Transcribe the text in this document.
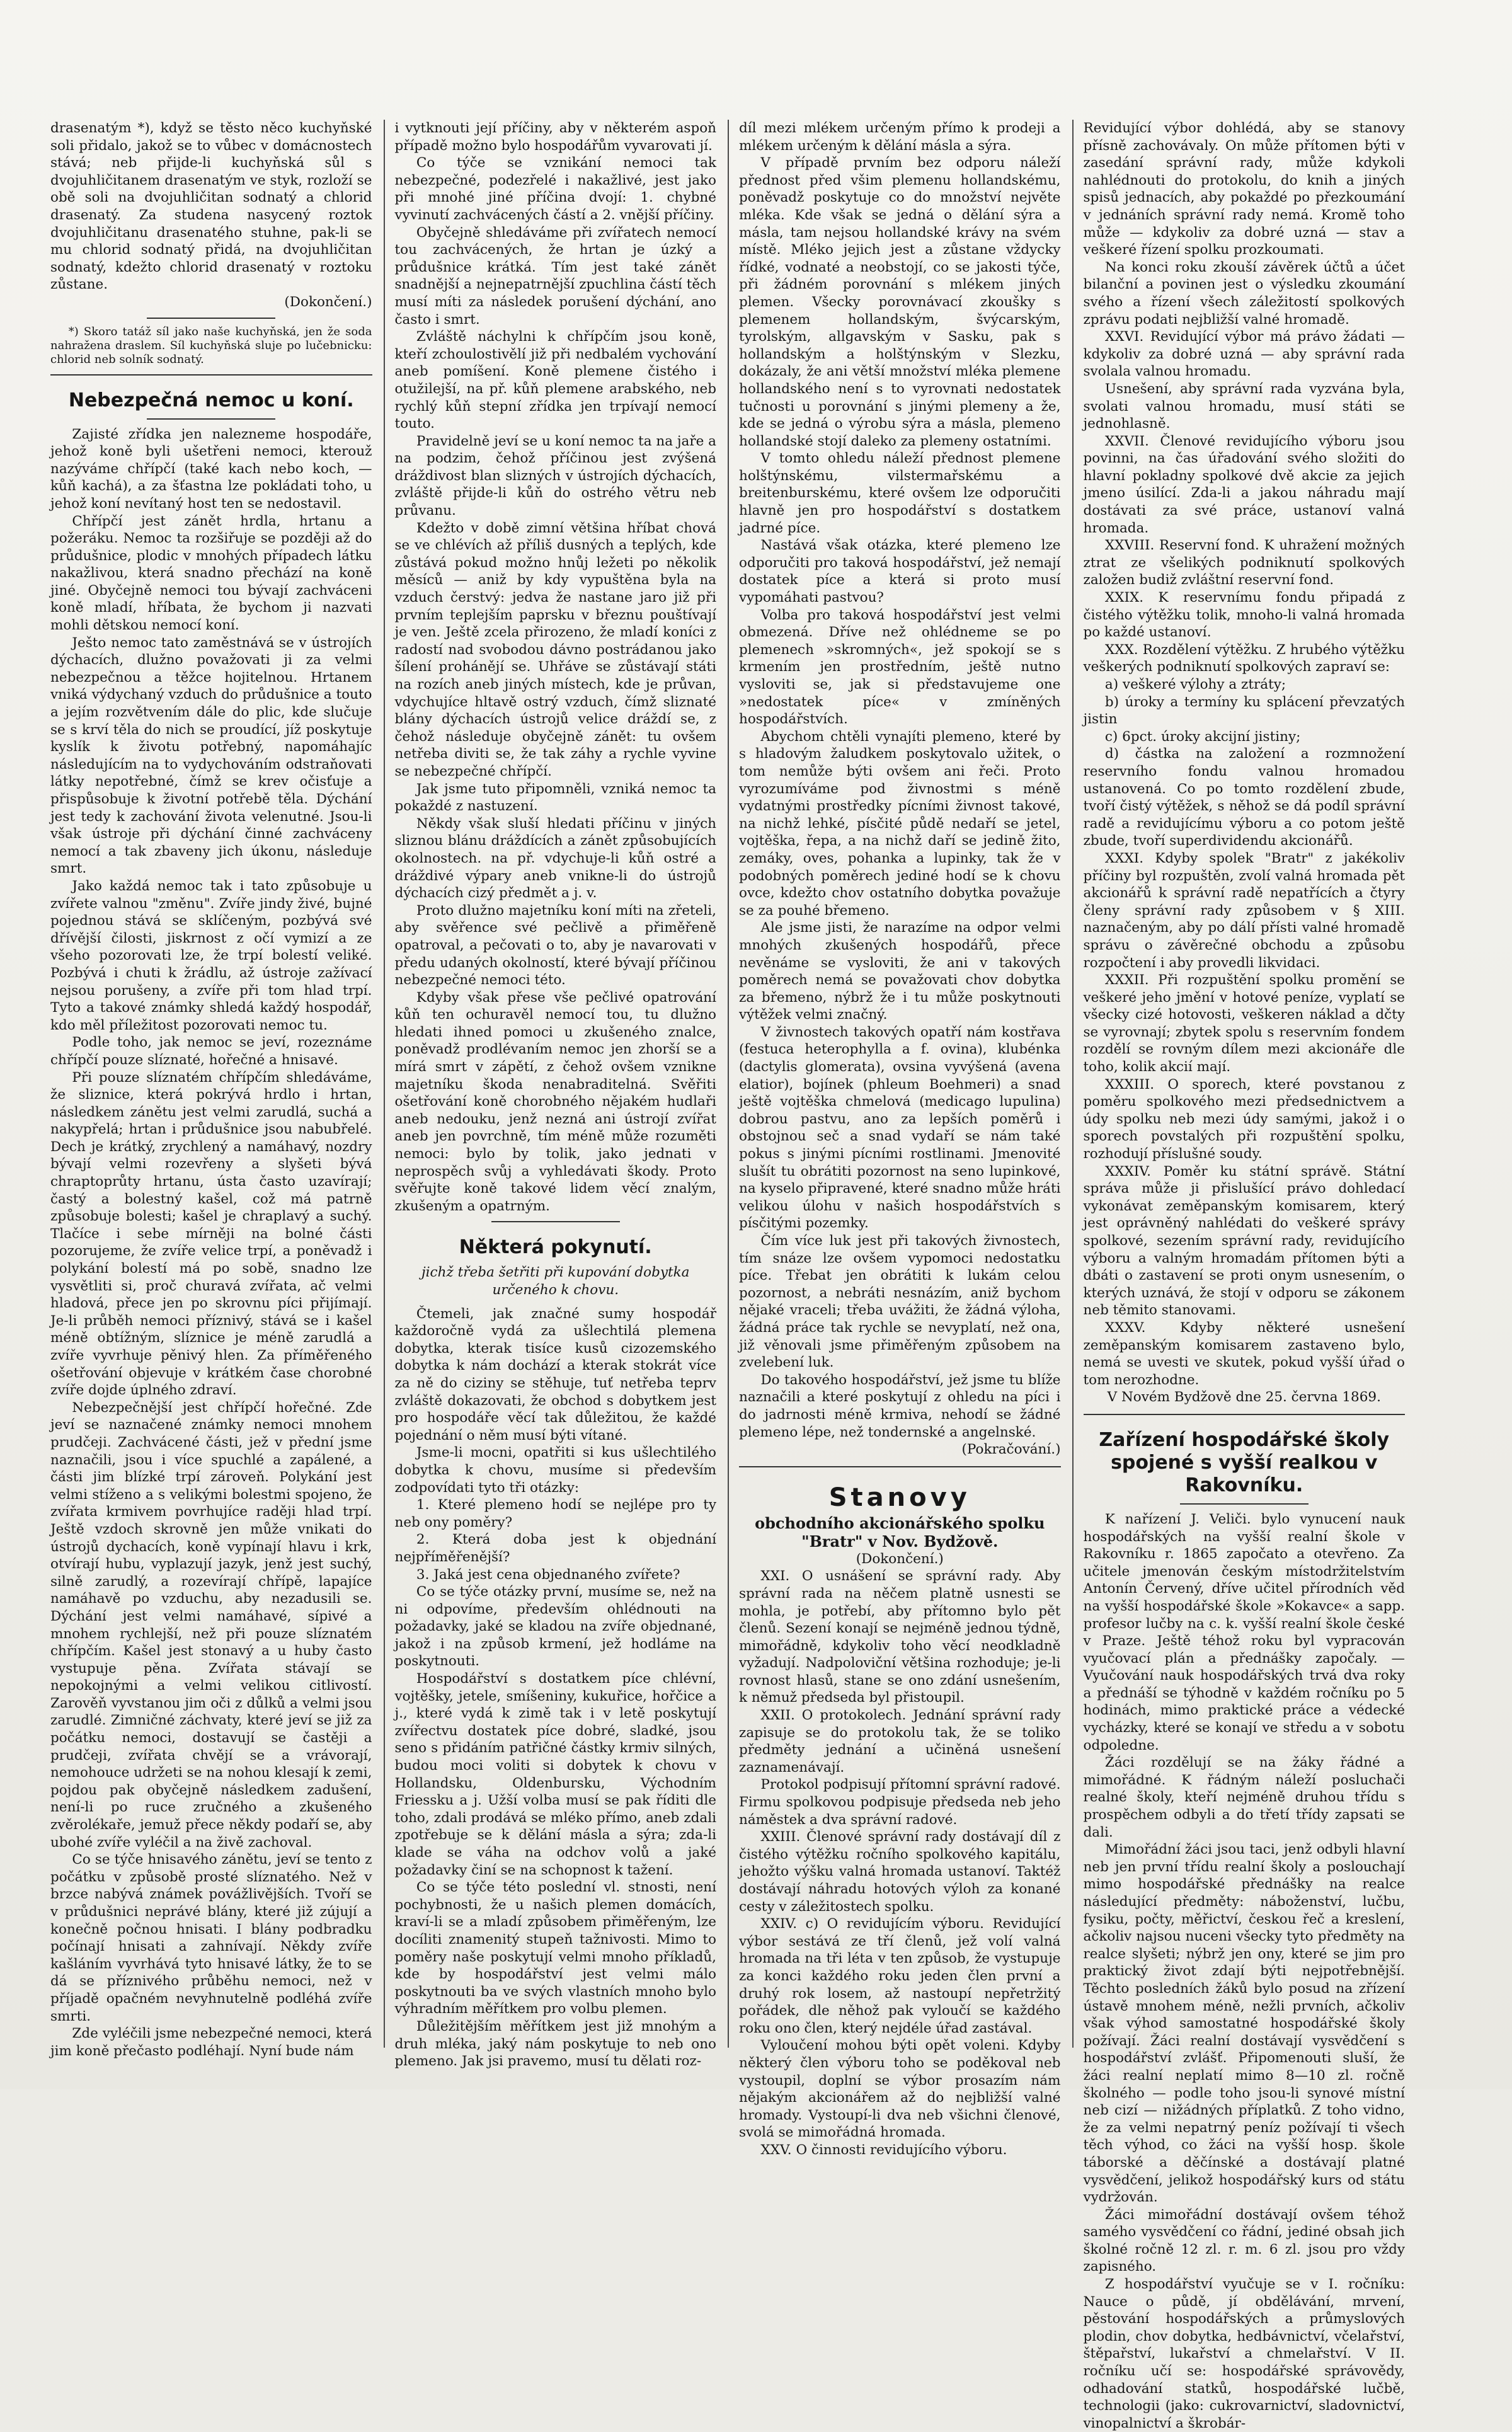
drasenatým *), když se těsto něco kuchyňské soli přidalo, jakož se to vůbec v domácnostech stává; neb přijde-li kuchyňská sůl s dvojuhličitanem drasenatým ve styk, rozloží se obě soli na dvojuhličitan sodnatý a chlorid drasenatý. Za studena nasycený roztok dvojuhličitanu drasenatého stuhne, pak-li se mu chlorid sodnatý přidá, na dvojuhličitan sodnatý, kdežto chlorid drasenatý v roztoku zůstane.

(Dokončení.)

*) Skoro tatáž síl jako naše kuchyňská, jen že soda nahražena draslem. Síl kuchyňská sluje po lučebnicku: chlorid neb solník sodnatý.

Nebezpečná nemoc u koní.

Zajisté zřídka jen nalezneme hospodáře, jehož koně byli ušetřeni nemoci, kterouž nazýváme chřípčí (také kach nebo koch, — kůň kachá), a za šťastna lze pokládati toho, u jehož koní nevítaný host ten se nedostavil.

Chřípčí jest zánět hrdla, hrtanu a požeráku. Nemoc ta rozšiřuje se později až do průdušnice, plodic v mnohých případech látku nakažlivou, která snadno přechází na koně jiné. Obyčejně nemoci tou bývají zachváceni koně mladí, hříbata, že bychom ji nazvati mohli dětskou nemocí koní.

Ješto nemoc tato zaměstnává se v ústrojích dýchacích, dlužno považovati ji za velmi nebezpečnou a těžce hojitelnou. Hrtanem vniká výdychaný vzduch do průdušnice a touto a jejím rozvětvením dále do plic, kde slučuje se s krví těla do nich se proudící, jíž poskytuje kyslík k životu potřebný, napomáhajíc následujícím na to vydychováním odstraňovati látky nepotřebné, čímž se krev očisťuje a přispůsobuje k životní potřebě těla. Dýchání jest tedy k zachování života velenutné. Jsou-li však ústroje při dýchání činné zachváceny nemocí a tak zbaveny jich úkonu, následuje smrt.

Jako každá nemoc tak i tato způsobuje u zvířete valnou "změnu". Zvíře jindy živé, bujné pojednou stává se sklíčeným, pozbývá své dřívější čilosti, jiskrnost z očí vymizí a ze všeho pozorovati lze, že trpí bolestí veliké. Pozbývá i chuti k žrádlu, až ústroje zažívací nejsou porušeny, a zvíře při tom hlad trpí. Tyto a takové známky shledá každý hospodář, kdo měl příležitost pozorovati nemoc tu.

Podle toho, jak nemoc se jeví, rozeznáme chřípčí pouze slíznaté, hořečné a hnisavé.

Při pouze slíznatém chřípčím shledáváme, že sliznice, která pokrývá hrdlo i hrtan, následkem zánětu jest velmi zarudlá, suchá a nakypřelá; hrtan i průdušnice jsou nabubřelé. Dech je krátký, zrychlený a namáhavý, nozdry bývají velmi rozevřeny a slyšeti bývá chraptoprůty hrtanu, ústa často uzavírají; častý a bolestný kašel, což má patrně způsobuje bolesti; kašel je chraplavý a suchý. Tlačíce i sebe mírněji na bolné části pozorujeme, že zvíře velice trpí, a poněvadž i polykání bolestí má po sobě, snadno lze vysvětliti si, proč churavá zvířata, ač velmi hladová, přece jen po skrovnu píci přijímají. Je-li průběh nemoci příznivý, stává se i kašel méně obtížným, slíznice je méně zarudlá a zvíře vyvrhuje pěnivý hlen. Za příměřeného ošetřování objevuje v krátkém čase chorobné zvíře dojde úplného zdraví.

Nebezpečnější jest chřípčí hořečné. Zde jeví se naznačené známky nemoci mnohem prudčeji. Zachvácené části, jež v přední jsme naznačili, jsou i více spuchlé a zapálené, a části jim blízké trpí zároveň. Polykání jest velmi stíženo a s velikými bolestmi spojeno, že zvířata krmivem povrhujíce raději hlad trpí. Ještě vzdoch skrovně jen může vnikati do ústrojů dychacích, koně vypínají hlavu i krk, otvírají hubu, vyplazují jazyk, jenž jest suchý, silně zarudlý, a rozevírají chřípě, lapajíce namáhavě po vzduchu, aby nezadusili se. Dýchání jest velmi namáhavé, sípivé a mnohem rychlejší, než při pouze slíznatém chřípčím. Kašel jest stonavý a u huby často vystupuje pěna. Zvířata stávají se nepokojnými a velmi velikou citlivostí. Zarověň vyvstanou jim oči z důlků a velmi jsou zarudlé. Zimničné záchvaty, které jeví se již za počátku nemoci, dostavují se častěji a prudčeji, zvířata chvějí se a vrávorají, nemohouce udržeti se na nohou klesají k zemi, pojdou pak obyčejně následkem zadušení, není-li po ruce zručného a zkušeného zvěrolékaře, jemuž přece někdy podaří se, aby ubohé zvíře vyléčil a na živě zachoval.

Co se týče hnisavého zánětu, jeví se tento z počátku v způsobě prosté slíznatého. Než v brzce nabývá známek povážlivějších. Tvoří se v průdušnici neprávé blány, které již zújují a konečně počnou hnisati. I blány podbradku počínají hnisati a zahnívají. Někdy zvíře kašláním vyvrhává tyto hnisavé látky, že to se dá se příznivého průběhu nemoci, než v příjadě opačném nevyhnutelně podléhá zvíře smrti.

Zde vyléčili jsme nebezpečné nemoci, která jim koně přečasto podléhají. Nyní bude nám

i vytknouti její příčiny, aby v některém aspoň případě možno bylo hospodářům vyvarovati jí.

Co týče se vznikání nemoci tak nebezpečné, podezřelé i nakažlivé, jest jako při mnohé jiné příčina dvojí: 1. chybné vyvinutí zachvácených částí a 2. vnější příčiny.

Obyčejně shledáváme při zvířatech nemocí tou zachvácených, že hrtan je úzký a průdušnice krátká. Tím jest také zánět snadnější a nejnepatrnější zpuchlina částí těch musí míti za následek porušení dýchání, ano často i smrt.

Zvláště náchylni k chřípčím jsou koně, kteří zchoulostivělí již při nedbalém vychování aneb pomíšení. Koně plemene čistého i otužilejší, na př. kůň plemene arabského, neb rychlý kůň stepní zřídka jen trpívají nemocí touto.

Pravidelně jeví se u koní nemoc ta na jaře a na podzim, čehož příčinou jest zvýšená dráždivost blan slizných v ústrojích dýchacích, zvláště přijde-li kůň do ostrého větru neb průvanu.

Kdežto v době zimní většina hříbat chová se ve chlévích až příliš dusných a teplých, kde zůstává pokud možno hnůj ležeti po několik měsíců — aniž by kdy vypuštěna byla na vzduch čerstvý: jedva že nastane jaro již při prvním teplejším paprsku v březnu pouštívají je ven. Ještě zcela přirozeno, že mladí koníci z radostí nad svobodou dávno postrádanou jako šílení prohánějí se. Uhřáve se zůstávají státi na rozích aneb jiných místech, kde je průvan, vdychujíce hltavě ostrý vzduch, čímž sliznaté blány dýchacích ústrojů velice dráždí se, z čehož následuje obyčejně zánět: tu ovšem netřeba diviti se, že tak záhy a rychle vyvine se nebezpečné chřípčí.

Jak jsme tuto připomněli, vzniká nemoc ta pokaždé z nastuzení.

Někdy však sluší hledati příčinu v jiných sliznou blánu dráždících a zánět způsobujících okolnostech. na př. vdychuje-li kůň ostré a dráždivé výpary aneb vnikne-li do ústrojů dýchacích cizý předmět a j. v.

Proto dlužno majetníku koní míti na zřeteli, aby svěřence své pečlivě a přiměřeně opatroval, a pečovati o to, aby je navarovati v předu udaných okolností, které bývají příčinou nebezpečné nemoci této.

Kdyby však přese vše pečlivé opatrování kůň ten ochuravěl nemocí tou, tu dlužno hledati ihned pomoci u zkušeného znalce, poněvadž prodlévaním nemoc jen zhorší se a mírá smrt v zápětí, z čehož ovšem vznikne majetníku škoda nenabraditelná. Svěřiti ošetřování koně chorobného nějakém hudlaři aneb nedouku, jenž nezná ani ústrojí zvířat aneb jen povrchně, tím méně může rozuměti nemoci: bylo by tolik, jako jednati v neprospěch svůj a vyhledávati škody. Proto svěřujte koně takové lidem věcí znalým, zkušeným a opatrným.

Některá pokynutí.

jichž třeba šetřiti při kupování dobytka určeného k chovu.

Čtemeli, jak značné sumy hospodář každoročně vydá za ušlechtilá plemena dobytka, kterak tisíce kusů cizozemského dobytka k nám dochází a kterak stokrát více za ně do ciziny se stěhuje, tuť netřeba teprv zvláště dokazovati, že obchod s dobytkem jest pro hospodáře věcí tak důležitou, že každé pojednání o něm musí býti vítané.

Jsme-li mocni, opatřiti si kus ušlechtilého dobytka k chovu, musíme si především zodpovídati tyto tři otázky:

1. Které plemeno hodí se nejlépe pro ty neb ony poměry?

2. Která doba jest k objednání nejpříměřenější?

3. Jaká jest cena objednaného zvířete?

Co se týče otázky první, musíme se, než na ni odpovíme, především ohlédnouti na požadavky, jaké se kladou na zvíře objednané, jakož i na způsob krmení, jež hodláme na poskytnouti.

Hospodářství s dostatkem píce chlévní, vojtěšky, jetele, smíšeniny, kukuřice, hořčice a j., které vydá k zimě tak i v letě poskytují zvířectvu dostatek píce dobré, sladké, jsou seno s přidáním patřičné částky krmiv silných, budou moci voliti si dobytek k chovu v Hollandsku, Oldenbursku, Východním Friessku a j. Užší volba musí se pak říditi dle toho, zdali prodává se mléko přímo, aneb zdali zpotřebuje se k dělání másla a sýra; zda-li klade se váha na odchov volů a jaké požadavky činí se na schopnost k tažení.

Co se týče této poslední vl. stnosti, není pochybnosti, že u našich plemen domácích, kraví-li se a mladí způsobem přiměřeným, lze docíliti znamenitý stupeň tažnivosti. Mimo to poměry naše poskytují velmi mnoho příkladů, kde by hospodářství jest velmi málo poskytnouti ba ve svých vlastních mnoho bylo výhradním měřítkem pro volbu plemen.

Důležitějším měřítkem jest již mnohým a druh mléka, jaký nám poskytuje to neb ono plemeno. Jak jsi pravemo, musí tu dělati roz-

díl mezi mlékem určeným přímo k prodeji a mlékem určeným k dělání másla a sýra.

V případě prvním bez odporu náleží přednost před všim plemenu hollandskému, poněvadž poskytuje co do množství největe mléka. Kde však se jedná o dělání sýra a másla, tam nejsou hollandské krávy na svém místě. Mléko jejich jest a zůstane vždycky řídké, vodnaté a neobstojí, co se jakosti týče, při žádném porovnání s mlékem jiných plemen. Všecky porovnávací zkoušky s plemenem hollandským, švýcarským, tyrolským, allgavským v Sasku, pak s hollandským a holštýnským v Slezku, dokázaly, že ani větší množství mléka plemene hollandského není s to vyrovnati nedostatek tučnosti u porovnání s jinými plemeny a že, kde se jedná o výrobu sýra a másla, plemeno hollandské stojí daleko za plemeny ostatními.

V tomto ohledu náleží přednost plemene holštýnskému, vilstermařskému a breitenburskému, které ovšem lze odporučiti hlavně jen pro hospodářství s dostatkem jadrné píce.

Nastává však otázka, které plemeno lze odporučiti pro taková hospodářství, jež nemají dostatek píce a která si proto musí vypomáhati pastvou?

Volba pro taková hospodářství jest velmi obmezená. Dříve než ohlédneme se po plemenech »skromných«, jež spokojí se s krmením jen prostředním, ještě nutno vysloviti se, jak si představujeme one »nedostatek píce« v zmíněných hospodářstvích.

Abychom chtěli vynajíti plemeno, které by s hladovým žaludkem poskytovalo užitek, o tom nemůže býti ovšem ani řeči. Proto vyrozumíváme pod živnostmi s méně vydatnými prostředky pícními živnost takové, na nichž lehké, písčité půdě nedaří se jetel, vojtěška, řepa, a na nichž daří se jedině žito, zemáky, oves, pohanka a lupinky, tak že v podobných poměrech jediné hodí se k chovu ovce, kdežto chov ostatního dobytka považuje se za pouhé břemeno.

Ale jsme jisti, že narazíme na odpor velmi mnohých zkušených hospodářů, přece nevěnáme se vysloviti, že ani v takových poměrech nemá se považovati chov dobytka za břemeno, nýbrž že i tu může poskytnouti výtěžek velmi značný.

V živnostech takových opatří nám kostřava (festuca heterophylla a f. ovina), klubénka (dactylis glomerata), ovsina vyvýšená (avena elatior), bojínek (phleum Boehmeri) a snad ještě vojtěška chmelová (medicago lupulina) dobrou pastvu, ano za lepších poměrů i obstojnou seč a snad vydaří se nám také pokus s jinými pícními rostlinami. Jmenovité slušít tu obrátiti pozornost na seno lupinkové, na kyselo připravené, které snadno může hráti velikou úlohu v našich hospodářstvích s písčitými pozemky.

Čím více luk jest při takových živnostech, tím snáze lze ovšem vypomoci nedostatku píce. Třebat jen obrátiti k lukám celou pozornost, a nebráti nesnázím, aniž bychom nějaké vraceli; třeba uvážiti, že žádná výloha, žádná práce tak rychle se nevyplatí, než ona, již věnovali jsme přiměřeným způsobem na zvelebení luk.

Do takového hospodářství, jež jsme tu blíže naznačili a které poskytují z ohledu na píci i do jadrnosti méně krmiva, nehodí se žádné plemeno lépe, než tondernské a angelnské.

(Pokračování.)

Stanovy

obchodního akcionářského spolku "Bratr" v Nov. Bydžově.

(Dokončení.)

XXI. O usnášení se správní rady. Aby správní rada na něčem platně usnesti se mohla, je potřebí, aby přítomno bylo pět členů. Sezení konají se nejméně jednou týdně, mimořádně, kdykoliv toho věcí neodkladně vyžadují. Nadpoloviční většina rozhoduje; je-li rovnost hlasů, stane se ono zdání usnešením, k němuž předseda byl přistoupil.

XXII. O protokolech. Jednání správní rady zapisuje se do protokolu tak, že se toliko předměty jednání a učiněná usnešení zaznamenávají.

Protokol podpisují přítomní správní radové. Firmu spolkovou podpisuje předseda neb jeho náměstek a dva správní radové.

XXIII. Členové správní rady dostávají díl z čistého výtěžku ročního spolkového kapitálu, jehožto výšku valná hromada ustanoví. Taktéž dostávají náhradu hotových výloh za konané cesty v záležitostech spolku.

XXIV. c) O revidujícím výboru. Revidující výbor sestává ze tří členů, jež volí valná hromada na tři léta v ten způsob, že vystupuje za konci každého roku jeden člen první a druhý rok losem, až nastoupí nepřetržitý pořádek, dle něhož pak vyloučí se každého roku ono člen, který nejdéle úřad zastával.

Vyloučení mohou býti opět voleni. Kdyby některý člen výboru toho se poděkoval neb vystoupil, doplní se výbor prosazím nám nějakým akcionářem až do nejbližší valné hromady. Vystoupí-li dva neb všichni členové, svolá se mimořádná hromada.

XXV. O činnosti revidujícího výboru.

Revidující výbor dohlédá, aby se stanovy přísně zachovávaly. On může přítomen býti v zasedání správní rady, může kdykoli nahlédnouti do protokolu, do knih a jiných spisů jednacích, aby pokaždé po přezkoumání v jednáních správní rady nemá. Kromě toho může — kdykoliv za dobré uzná — stav a veškeré řízení spolku prozkoumati.

Na konci roku zkouší závěrek účtů a účet bilanční a povinen jest o výsledku zkoumání svého a řízení všech záležitostí spolkových zprávu podati nejbližší valné hromadě.

XXVI. Revidující výbor má právo žádati — kdykoliv za dobré uzná — aby správní rada svolala valnou hromadu.

Usnešení, aby správní rada vyzvána byla, svolati valnou hromadu, musí státi se jednohlasně.

XXVII. Členové revidujícího výboru jsou povinni, na čas úřadování svého složiti do hlavní pokladny spolkové dvě akcie za jejich jmeno úsilící. Zda-li a jakou náhradu mají dostávati za své práce, ustanoví valná hromada.

XXVIII. Reservní fond. K uhražení možných ztrat ze všelikých podniknutí spolkových založen budiž zvláštní reservní fond.

XXIX. K reservnímu fondu připadá z čistého výtěžku tolik, mnoho-li valná hromada po každé ustanoví.

XXX. Rozdělení výtěžku. Z hrubého výtěžku veškerých podniknutí spolkových zapraví se:

a) veškeré výlohy a ztráty;

b) úroky a termíny ku splácení převzatých jistin

c) 6pct. úroky akcijní jistiny;

d) částka na založení a rozmnožení reservního fondu valnou hromadou ustanovená. Co po tomto rozdělení zbude, tvoří čistý výtěžek, s něhož se dá podíl správní radě a revidujícímu výboru a co potom ještě zbude, tvoří superdividendu akcionářů.

XXXI. Kdyby spolek "Bratr" z jakékoliv příčiny byl rozpuštěn, zvolí valná hromada pět akcionářů k správní radě nepatřících a čtyry členy správní rady způsobem v § XIII. naznačeným, aby po dálí přísti valné hromadě správu o závěrečné obchodu a způsobu rozpočtení i aby provedli likvidaci.

XXXII. Při rozpuštění spolku promění se veškeré jeho jmění v hotové peníze, vyplatí se všecky cizé hotovosti, veškeren náklad a dčty se vyrovnají; zbytek spolu s reservním fondem rozdělí se rovným dílem mezi akcionáře dle toho, kolik akcií mají.

XXXIII. O sporech, které povstanou z poměru spolkového mezi předsednictvem a údy spolku neb mezi údy samými, jakož i o sporech povstalých při rozpuštění spolku, rozhodují příslušné soudy.

XXXIV. Poměr ku státní správě. Státní správa může ji přislušící právo dohledací vykonávat zeměpanským komisarem, který jest oprávněný nahlédati do veškeré správy spolkové, sezením správní rady, revidujícího výboru a valným hromadám přítomen býti a dbáti o zastavení se proti onym usnesením, o kterých uznává, že stojí v odporu se zákonem neb těmito stanovami.

XXXV. Kdyby některé usnešení zeměpanským komisarem zastaveno bylo, nemá se uvesti ve skutek, pokud vyšší úřad o tom nerozhodne.

V Novém Bydžově dne 25. června 1869.

Zařízení hospodářské školy spojené s vyšší realkou v Rakovníku.

K nařízení J. Veliči. bylo vynucení nauk hospodářských na vyšší realní škole v Rakovníku r. 1865 započato a otevřeno. Za učitele jmenován českým místodržitelstvím Antonín Červený, dříve učitel přírodních věd na vyšší hospodářské škole »Kokavce« a sapp. profesor lučby na c. k. vyšší realní škole české v Praze. Ještě téhož roku byl vypracován vyučovací plán a přednášky započaly. — Vyučování nauk hospodářských trvá dva roky a přednáší se týhodně v každém ročníku po 5 hodinách, mimo praktické práce a védecké vycházky, které se konají ve středu a v sobotu odpoledne.

Žáci rozdělují se na žáky řádné a mimořádné. K řádným náleží posluchači realné školy, kteří nejméně druhou třídu s prospěchem odbyli a do třetí třídy zapsati se dali.

Mimořádní žáci jsou taci, jenž odbyli hlavní neb jen první třídu realní školy a poslouchají mimo hospodářské přednášky na realce následující předměty: náboženství, lučbu, fysiku, počty, měřictví, českou řeč a kreslení, ačkoliv najsou nuceni všecky tyto předměty na realce slyšeti; nýbrž jen ony, které se jim pro praktický život zdají býti nejpotřebnější. Těchto posledních žáků bylo posud na zřízení ústavě mnohem méně, nežli prvních, ačkoliv však výhod samostatné hospodářské školy požívají. Žáci realní dostávají vysvědčení s hospodářství zvlášť. Připomenouti sluší, že žáci realní neplatí mimo 8—10 zl. ročně školného — podle toho jsou-li synové místní neb cizí — nižádných příplatků. Z toho vidno, že za velmi nepatrný peníz požívají ti všech těch výhod, co žáci na vyšší hosp. škole táborské a děčínské a dostávají platné vysvědčení, jelikož hospodářský kurs od státu vydržován.

Žáci mimořádní dostávají ovšem téhož samého vysvědčení co řádní, jediné obsah jich školné ročně 12 zl. r. m. 6 zl. jsou pro vždy zapisného.

Z hospodářství vyučuje se v I. ročníku: Nauce o půdě, jí obdělávání, mrvení, pěstování hospodářských a průmyslových plodin, chov dobytka, hedbávnictví, včelařství, štěpařství, lukařství a chmelařství. V II. ročníku učí se: hospodářské správovědy, odhadování statků, hospodářské lučbě, technologii (jako: cukrovarnictví, sladovnictví, vinopalnictví a škrobár-
